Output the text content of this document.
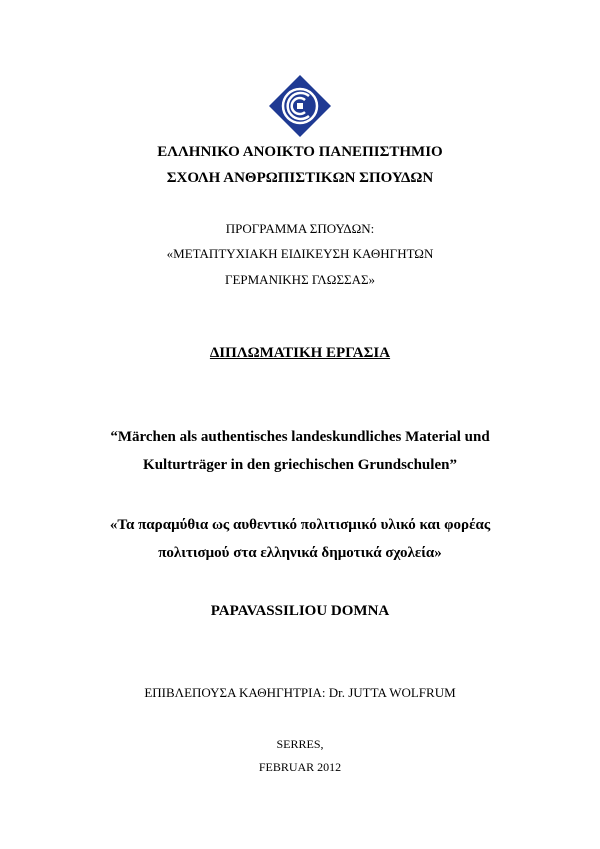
ΕΛΛΗΝΙΚΟ ΑΝΟΙΚΤΟ ΠΑΝΕΠΙΣΤΗΜΙΟ
ΣΧΟΛΗ ΑΝΘΡΩΠΙΣΤΙΚΩΝ ΣΠΟΥΔΩΝ
ΠΡΟΓΡΑΜΜΑ ΣΠΟΥΔΩΝ:
«ΜΕΤΑΠΤΥΧΙΑΚΗ ΕΙΔΙΚΕΥΣΗ ΚΑΘΗΓΗΤΩΝ
ΓΕΡΜΑΝΙΚΗΣ ΓΛΩΣΣΑΣ»
ΔΙΠΛΩΜΑΤΙΚΗ ΕΡΓΑΣΙΑ
“Märchen als authentisches landeskundliches Material und
Kulturträger in den griechischen Grundschulen”
«Τα παραμύθια ως αυθεντικό πολιτισμικό υλικό και φορέας
πολιτισμού στα ελληνικά δημοτικά σχολεία»
PAPAVASSILIOU DOMNA
ΕΠΙΒΛΕΠΟΥΣΑ ΚΑΘΗΓΗΤΡΙΑ: Dr. JUTTA WOLFRUM
SERRES,
FEBRUAR 2012
